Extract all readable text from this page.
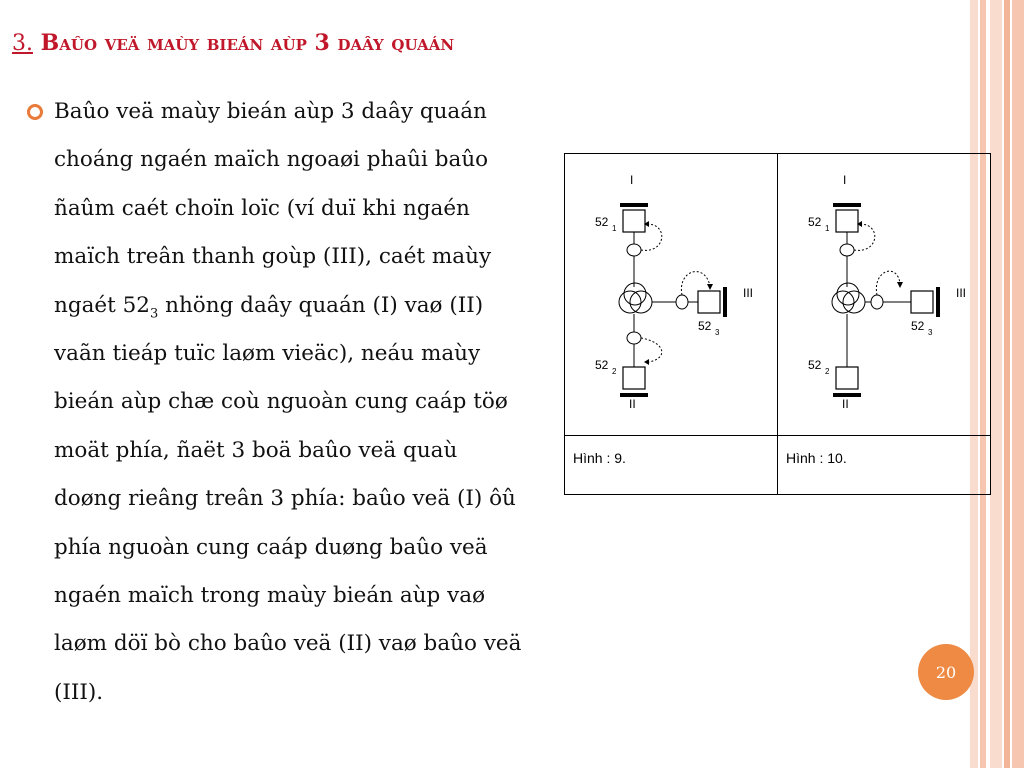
3. Baûo veä maùy bieán aùp 3 daây quaán
Baûo veä maùy bieán aùp 3 daây quaán
choáng ngaén maïch ngoaøi phaûi baûo
ñaûm caét choïn loïc (ví duï khi ngaén
maïch treân thanh goùp (III), caét maùy
ngaét $52_3$ nhöng daây quaán (I) vaø (II)
vaãn tieáp tuïc laøm vieäc), neáu maùy
bieán aùp chæ coù nguoàn cung caáp töø
moät phía, ñaët 3 boä baûo veä quaù
doøng rieâng treân 3 phía: baûo veä (I) ôû
phía nguoàn cung caáp duøng baûo veä
ngaén maïch trong maùy bieán aùp vaø
laøm döï bò cho baûo veä (II) vaø baûo veä
(III).
I
52 1
III
52 3
52 2
II
Hình : 9.
I
52 1
III
52 3
52 2
II
Hình : 10.
20
